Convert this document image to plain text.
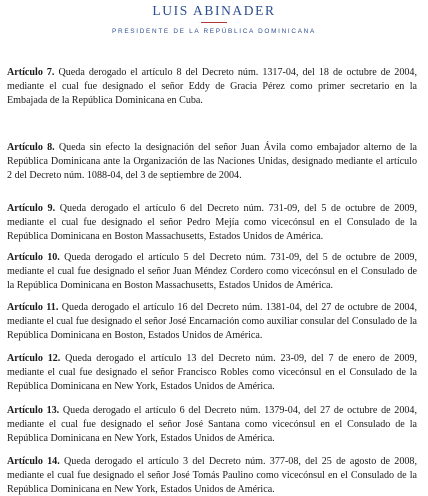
LUIS ABINADER
PRESIDENTE DE LA REPÚBLICA DOMINICANA

Artículo 7. Queda derogado el artículo 8 del Decreto núm. 1317-04, del 18 de octubre de 2004, mediante el cual fue designado el señor Eddy de Gracia Pérez como primer secretario en la Embajada de la República Dominicana en Cuba.

Artículo 8. Queda sin efecto la designación del señor Juan Ávila como embajador alterno de la República Dominicana ante la Organización de las Naciones Unidas, designado mediante el artículo 2 del Decreto núm. 1088-04, del 3 de septiembre de 2004.

Artículo 9. Queda derogado el artículo 6 del Decreto núm. 731-09, del 5 de octubre de 2009, mediante el cual fue designado el señor Pedro Mejía como vicecónsul en el Consulado de la República Dominicana en Boston Massachusetts, Estados Unidos de América.

Artículo 10. Queda derogado el artículo 5 del Decreto núm. 731-09, del 5 de octubre de 2009, mediante el cual fue designado el señor Juan Méndez Cordero como vicecónsul en el Consulado de la República Dominicana en Boston Massachusetts, Estados Unidos de América.

Artículo 11. Queda derogado el artículo 16 del Decreto núm. 1381-04, del 27 de octubre de 2004, mediante el cual fue designado el señor José Encarnación como auxiliar consular del Consulado de la República Dominicana en Boston, Estados Unidos de América.

Artículo 12. Queda derogado el artículo 13 del Decreto núm. 23-09, del 7 de enero de 2009, mediante el cual fue designado el señor Francisco Robles como vicecónsul en el Consulado de la República Dominicana en New York, Estados Unidos de América.

Artículo 13. Queda derogado el artículo 6 del Decreto núm. 1379-04, del 27 de octubre de 2004, mediante el cual fue designado el señor José Santana como vicecónsul en el Consulado de la República Dominicana en New York, Estados Unidos de América.

Artículo 14. Queda derogado el artículo 3 del Decreto núm. 377-08, del 25 de agosto de 2008, mediante el cual fue designado el señor José Tomás Paulino como vicecónsul en el Consulado de la República Dominicana en New York, Estados Unidos de América.
